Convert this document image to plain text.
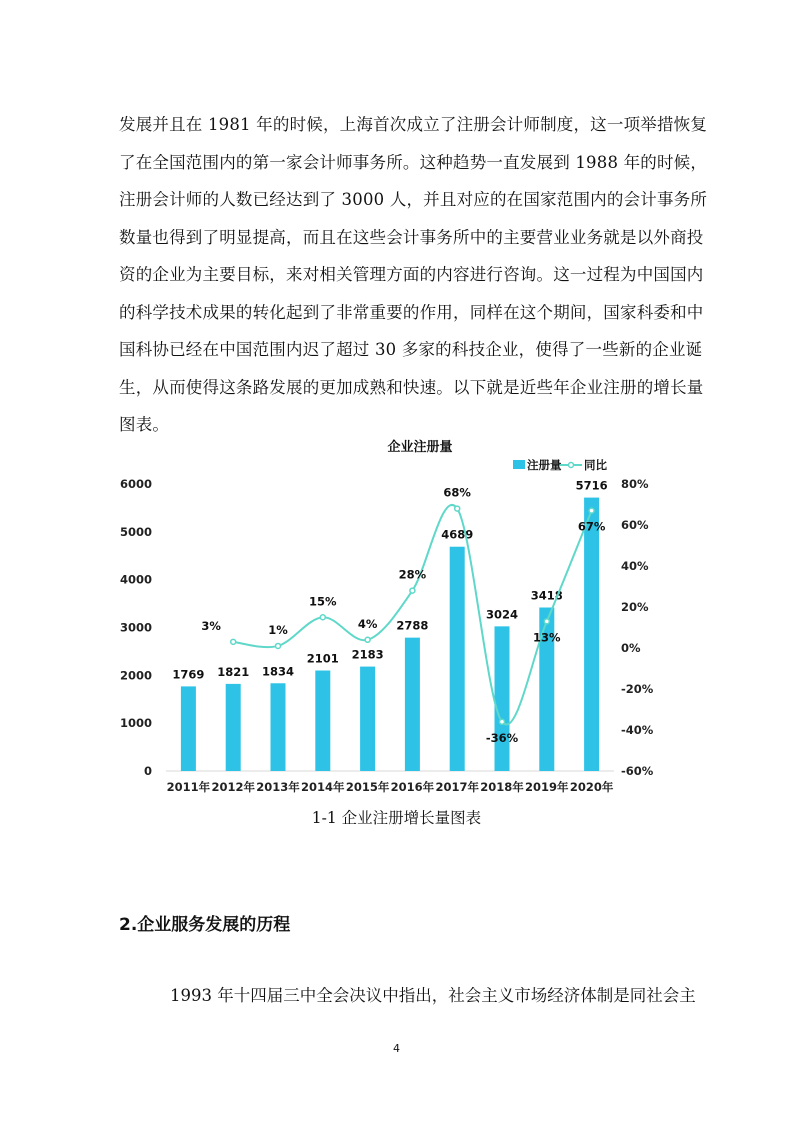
发展并且在 1981 年的时候，上海首次成立了注册会计师制度，这一项举措恢复
了在全国范围内的第一家会计师事务所。这种趋势一直发展到 1988 年的时候，
注册会计师的人数已经达到了 3000 人，并且对应的在国家范围内的会计事务所
数量也得到了明显提高，而且在这些会计事务所中的主要营业业务就是以外商投
资的企业为主要目标，来对相关管理方面的内容进行咨询。这一过程为中国国内
的科学技术成果的转化起到了非常重要的作用，同样在这个期间，国家科委和中
国科协已经在中国范围内迟了超过 30 多家的科技企业，使得了一些新的企业诞
生，从而使得这条路发展的更加成熟和快速。以下就是近些年企业注册的增长量
图表。
企业注册量
注册量 同比
0
1000
2000
3000
4000
5000
6000
-60%
-40%
-20%
0%
20%
40%
60%
80%
1769
2011年
1821
2012年
1834
2013年
2101
2014年
2183
2015年
2788
2016年
4689
2017年
3024
2018年
3418
2019年
5716
2020年
3%	1%
15%
4%
28%
68%
-36%
13%
67%
1-1 企业注册增长量图表
2.企业服务发展的历程
1993 年十四届三中全会决议中指出，社会主义市场经济体制是同社会主
4
